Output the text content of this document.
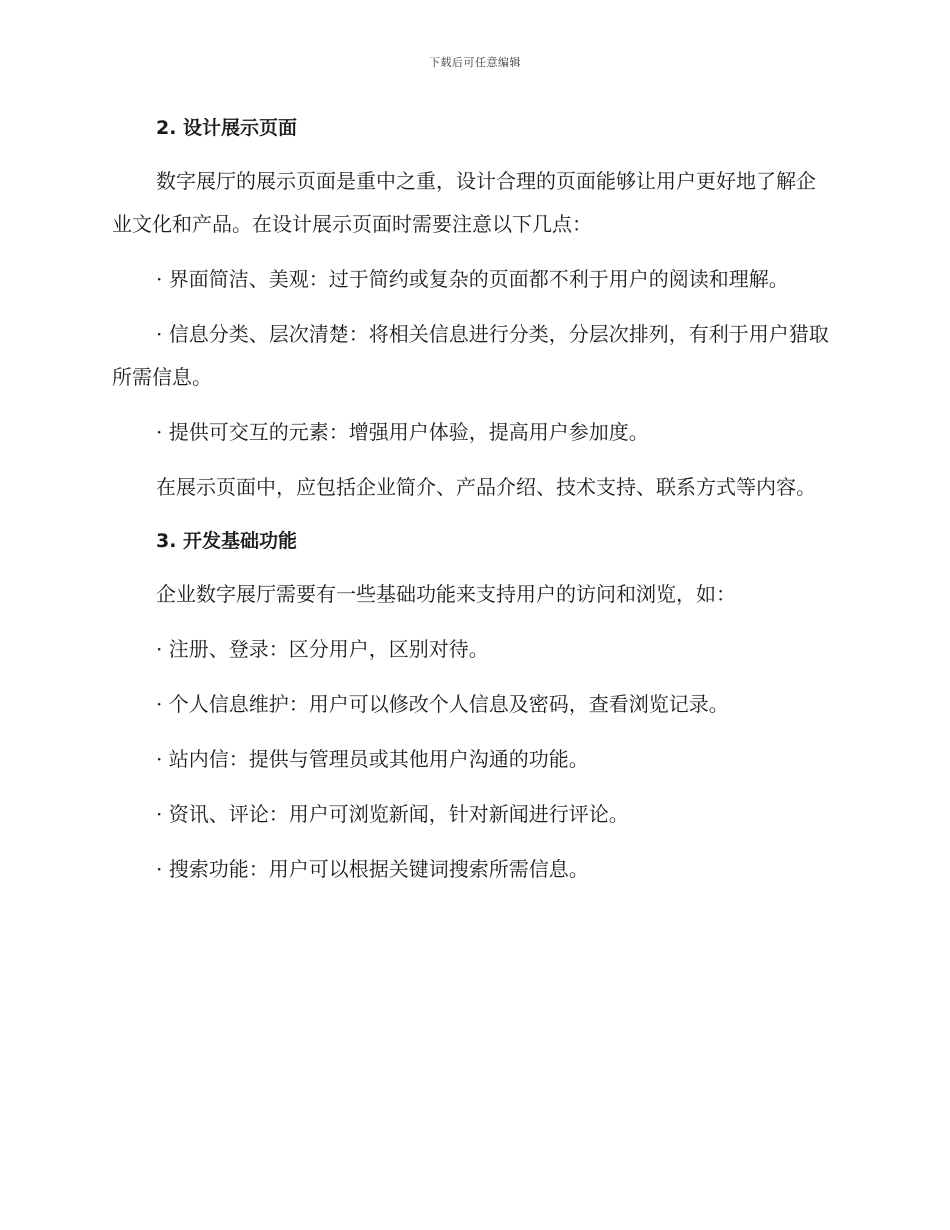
下载后可任意编辑
2. 设计展示页面

数字展厅的展示页面是重中之重，设计合理的页面能够让用户更好地了解企业文化和产品。在设计展示页面时需要注意以下几点：

· 界面简洁、美观：过于简约或复杂的页面都不利于用户的阅读和理解。

· 信息分类、层次清楚：将相关信息进行分类，分层次排列，有利于用户猎取所需信息。

· 提供可交互的元素：增强用户体验，提高用户参加度。

在展示页面中，应包括企业简介、产品介绍、技术支持、联系方式等内容。

3. 开发基础功能

企业数字展厅需要有一些基础功能来支持用户的访问和浏览，如：

· 注册、登录：区分用户，区别对待。

· 个人信息维护：用户可以修改个人信息及密码，查看浏览记录。

· 站内信：提供与管理员或其他用户沟通的功能。

· 资讯、评论：用户可浏览新闻，针对新闻进行评论。

· 搜索功能：用户可以根据关键词搜索所需信息。
